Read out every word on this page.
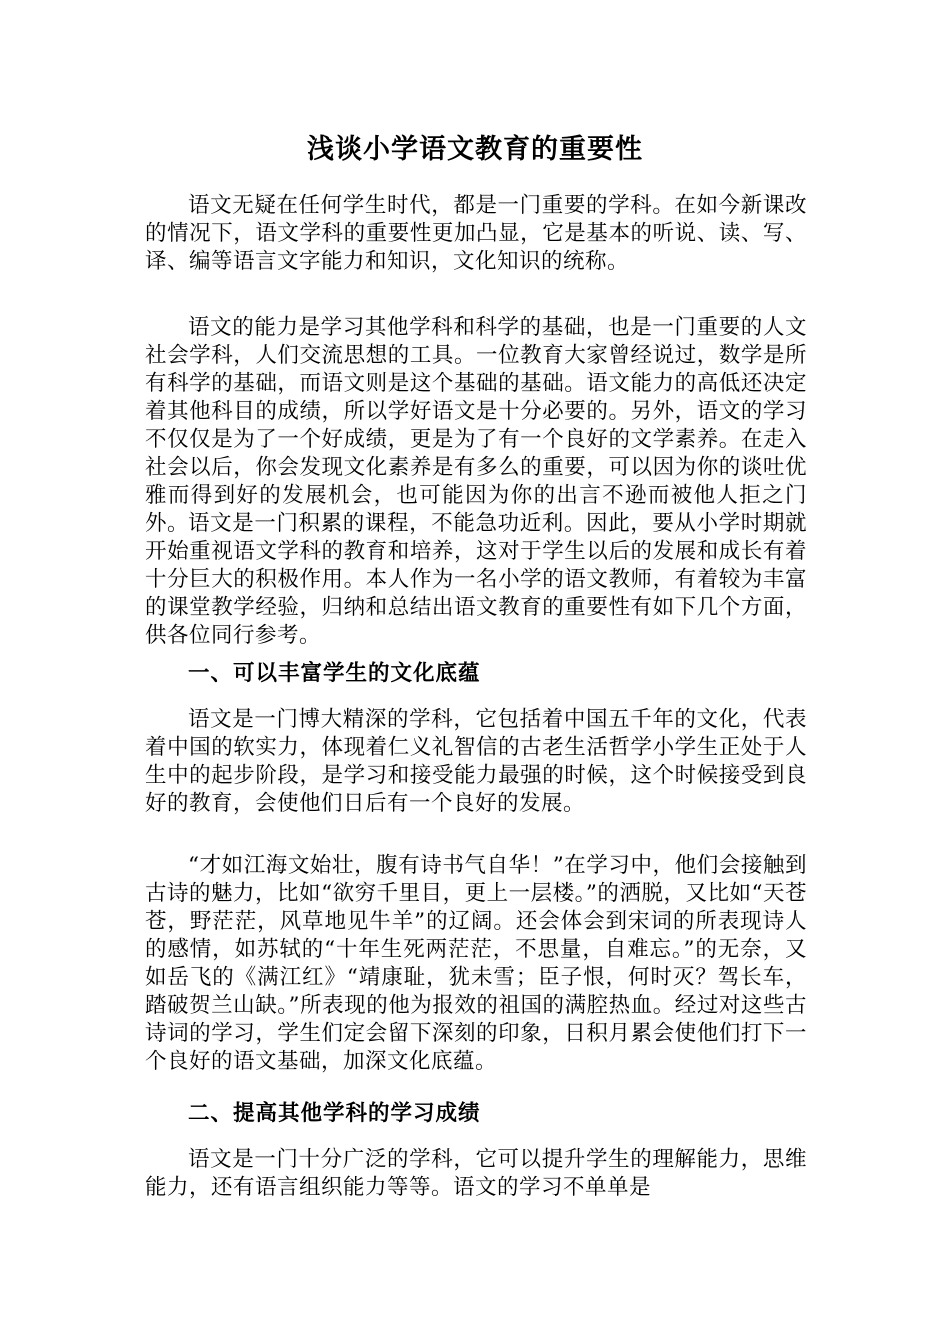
浅谈小学语文教育的重要性

语文无疑在任何学生时代，都是一门重要的学科。在如今新课改的情况下，语文学科的重要性更加凸显，它是基本的听说、读、写、译、编等语言文字能力和知识，文化知识的统称。

语文的能力是学习其他学科和科学的基础，也是一门重要的人文社会学科，人们交流思想的工具。一位教育大家曾经说过，数学是所有科学的基础，而语文则是这个基础的基础。语文能力的高低还决定着其他科目的成绩，所以学好语文是十分必要的。另外，语文的学习不仅仅是为了一个好成绩，更是为了有一个良好的文学素养。在走入社会以后，你会发现文化素养是有多么的重要，可以因为你的谈吐优雅而得到好的发展机会，也可能因为你的出言不逊而被他人拒之门外。

语文是一门积累的课程，不能急功近利。因此，要从小学时期就开始重视语文学科的教育和培养，这对于学生以后的发展和成长有着十分巨大的积极作用。本人作为一名小学的语文教师，有着较为丰富的课堂教学经验，归纳和总结出语文教育的重要性有如下几个方面，供各位同行参考。

一、可以丰富学生的文化底蕴

语文是一门博大精深的学科，它包括着中国五千年的文化，代表着中国的软实力，体现着仁义礼智信的古老生活哲学小学生正处于人生中的起步阶段，是学习和接受能力最强的时候，这个时候接受到良好的教育，会使他们日后有一个良好的发展。

“才如江海文始壮，腹有诗书气自华！”在学习中，他们会接触到古诗的魅力，比如“欲穷千里目，更上一层楼。”的洒脱，又比如“天苍苍，野茫茫，风草地见牛羊”的辽阔。还会体会到宋词的所表现诗人的感情，如苏轼的“十年生死两茫茫，不思量，自难忘。”的无奈，又如岳飞的《满江红》“靖康耻，犹未雪；臣子恨，何时灭？驾长车，踏破贺兰山缺。”所表现的他为报效的祖国的满腔热血。经过对这些古诗词的学习，学生们定会留下深刻的印象，日积月累会使他们打下一个良好的语文基础，加深文化底蕴。

二、提高其他学科的学习成绩

语文是一门十分广泛的学科，它可以提升学生的理解能力，思维能力，还有语言组织能力等等。语文的学习不单单是
